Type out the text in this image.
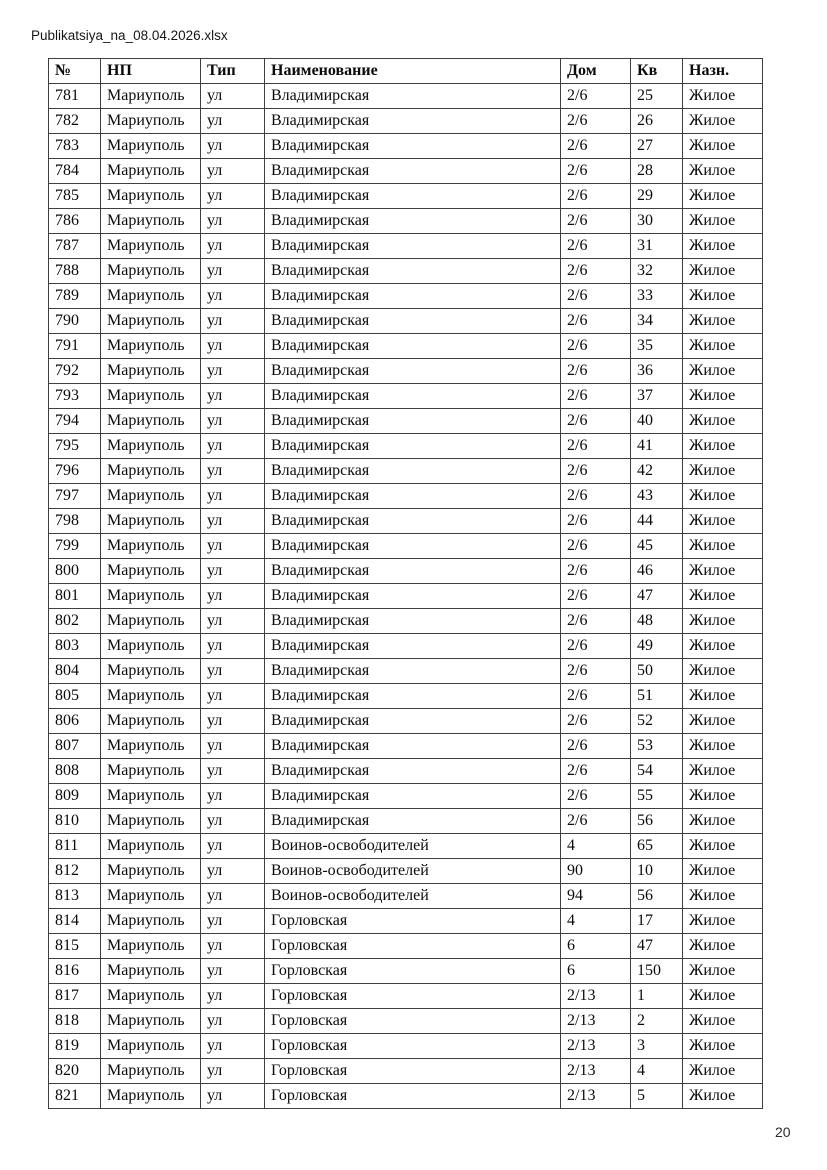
Publikatsiya_na_08.04.2026.xlsx
№	НП	Тип	Наименование	Дом	Кв	Назн.
781	Мариуполь	ул	Владимирская	2/6	25	Жилое
782	Мариуполь	ул	Владимирская	2/6	26	Жилое
783	Мариуполь	ул	Владимирская	2/6	27	Жилое
784	Мариуполь	ул	Владимирская	2/6	28	Жилое
785	Мариуполь	ул	Владимирская	2/6	29	Жилое
786	Мариуполь	ул	Владимирская	2/6	30	Жилое
787	Мариуполь	ул	Владимирская	2/6	31	Жилое
788	Мариуполь	ул	Владимирская	2/6	32	Жилое
789	Мариуполь	ул	Владимирская	2/6	33	Жилое
790	Мариуполь	ул	Владимирская	2/6	34	Жилое
791	Мариуполь	ул	Владимирская	2/6	35	Жилое
792	Мариуполь	ул	Владимирская	2/6	36	Жилое
793	Мариуполь	ул	Владимирская	2/6	37	Жилое
794	Мариуполь	ул	Владимирская	2/6	40	Жилое
795	Мариуполь	ул	Владимирская	2/6	41	Жилое
796	Мариуполь	ул	Владимирская	2/6	42	Жилое
797	Мариуполь	ул	Владимирская	2/6	43	Жилое
798	Мариуполь	ул	Владимирская	2/6	44	Жилое
799	Мариуполь	ул	Владимирская	2/6	45	Жилое
800	Мариуполь	ул	Владимирская	2/6	46	Жилое
801	Мариуполь	ул	Владимирская	2/6	47	Жилое
802	Мариуполь	ул	Владимирская	2/6	48	Жилое
803	Мариуполь	ул	Владимирская	2/6	49	Жилое
804	Мариуполь	ул	Владимирская	2/6	50	Жилое
805	Мариуполь	ул	Владимирская	2/6	51	Жилое
806	Мариуполь	ул	Владимирская	2/6	52	Жилое
807	Мариуполь	ул	Владимирская	2/6	53	Жилое
808	Мариуполь	ул	Владимирская	2/6	54	Жилое
809	Мариуполь	ул	Владимирская	2/6	55	Жилое
810	Мариуполь	ул	Владимирская	2/6	56	Жилое
811	Мариуполь	ул	Воинов-освободителей	4	65	Жилое
812	Мариуполь	ул	Воинов-освободителей	90	10	Жилое
813	Мариуполь	ул	Воинов-освободителей	94	56	Жилое
814	Мариуполь	ул	Горловская	4	17	Жилое
815	Мариуполь	ул	Горловская	6	47	Жилое
816	Мариуполь	ул	Горловская	6	150	Жилое
817	Мариуполь	ул	Горловская	2/13	1	Жилое
818	Мариуполь	ул	Горловская	2/13	2	Жилое
819	Мариуполь	ул	Горловская	2/13	3	Жилое
820	Мариуполь	ул	Горловская	2/13	4	Жилое
821	Мариуполь	ул	Горловская	2/13	5	Жилое
20
